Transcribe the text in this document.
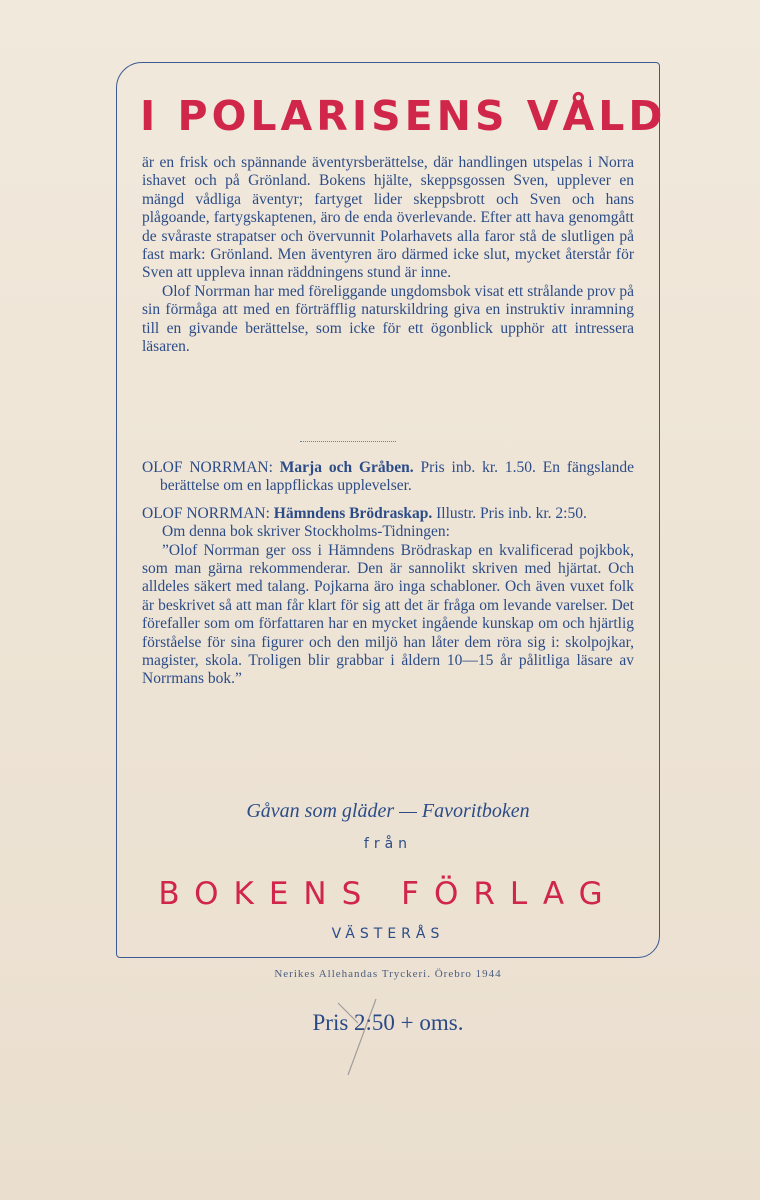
I POLARISENS VÅLD

är en frisk och spännande äventyrsberättelse, där handlingen utspelas i Norra ishavet och på Grönland. Bokens hjälte, skeppsgossen Sven, upplever en mängd vådliga äventyr; fartyget lider skeppsbrott och Sven och hans plågoande, fartygskaptenen, äro de enda överlevande. Efter att hava genomgått de svåraste strapatser och övervunnit Polarhavets alla faror stå de slutligen på fast mark: Grönland. Men äventyren äro därmed icke slut, mycket återstår för Sven att uppleva innan räddningens stund är inne.

Olof Norrman har med föreliggande ungdomsbok visat ett strålande prov på sin förmåga att med en förträfflig naturskildring giva en instruktiv inramning till en givande berättelse, som icke för ett ögonblick upphör att intressera läsaren.

OLOF NORRMAN: Marja och Gråben. Pris inb. kr. 1.50. En fängslande berättelse om en lappflickas upplevelser.

OLOF NORRMAN: Hämndens Brödraskap. Illustr. Pris inb. kr. 2:50.

Om denna bok skriver Stockholms-Tidningen:

”Olof Norrman ger oss i Hämndens Brödraskap en kvalificerad pojkbok, som man gärna rekommenderar. Den är sannolikt skriven med hjärtat. Och alldeles säkert med talang. Pojkarna äro inga schabloner. Och även vuxet folk är beskrivet så att man får klart för sig att det är fråga om levande varelser. Det förefaller som om författaren har en mycket ingående kunskap om och hjärtlig förståelse för sina figurer och den miljö han låter dem röra sig i: skolpojkar, magister, skola. Troligen blir grabbar i åldern 10—15 år pålitliga läsare av Norrmans bok.”

Gåvan som gläder — Favoritboken
från
BOKENS FÖRLAG
VÄSTERÅS
Nerikes Allehandas Tryckeri. Örebro 1944
Pris 2:50 + oms.
